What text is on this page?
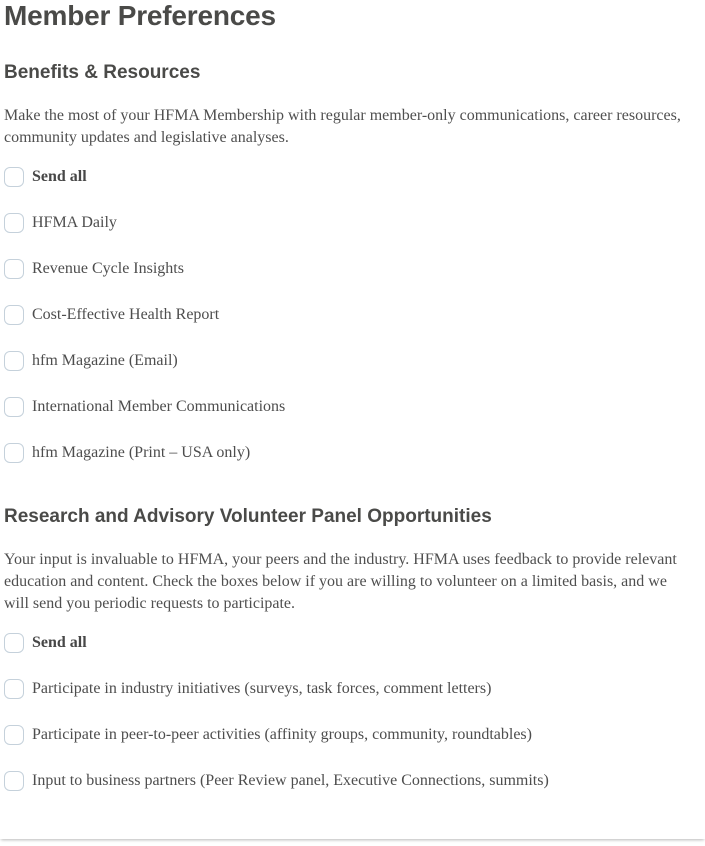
Member Preferences
Benefits & Resources

Make the most of your HFMA Membership with regular member-only communications, career resources, community updates and legislative analyses.

Send all
HFMA Daily
Revenue Cycle Insights
Cost-Effective Health Report
hfm Magazine (Email)
International Member Communications
hfm Magazine (Print – USA only)
Research and Advisory Volunteer Panel Opportunities

Your input is invaluable to HFMA, your peers and the industry. HFMA uses feedback to provide relevant education and content. Check the boxes below if you are willing to volunteer on a limited basis, and we will send you periodic requests to participate.

Send all
Participate in industry initiatives (surveys, task forces, comment letters)
Participate in peer-to-peer activities (affinity groups, community, roundtables)
Input to business partners (Peer Review panel, Executive Connections, summits)
